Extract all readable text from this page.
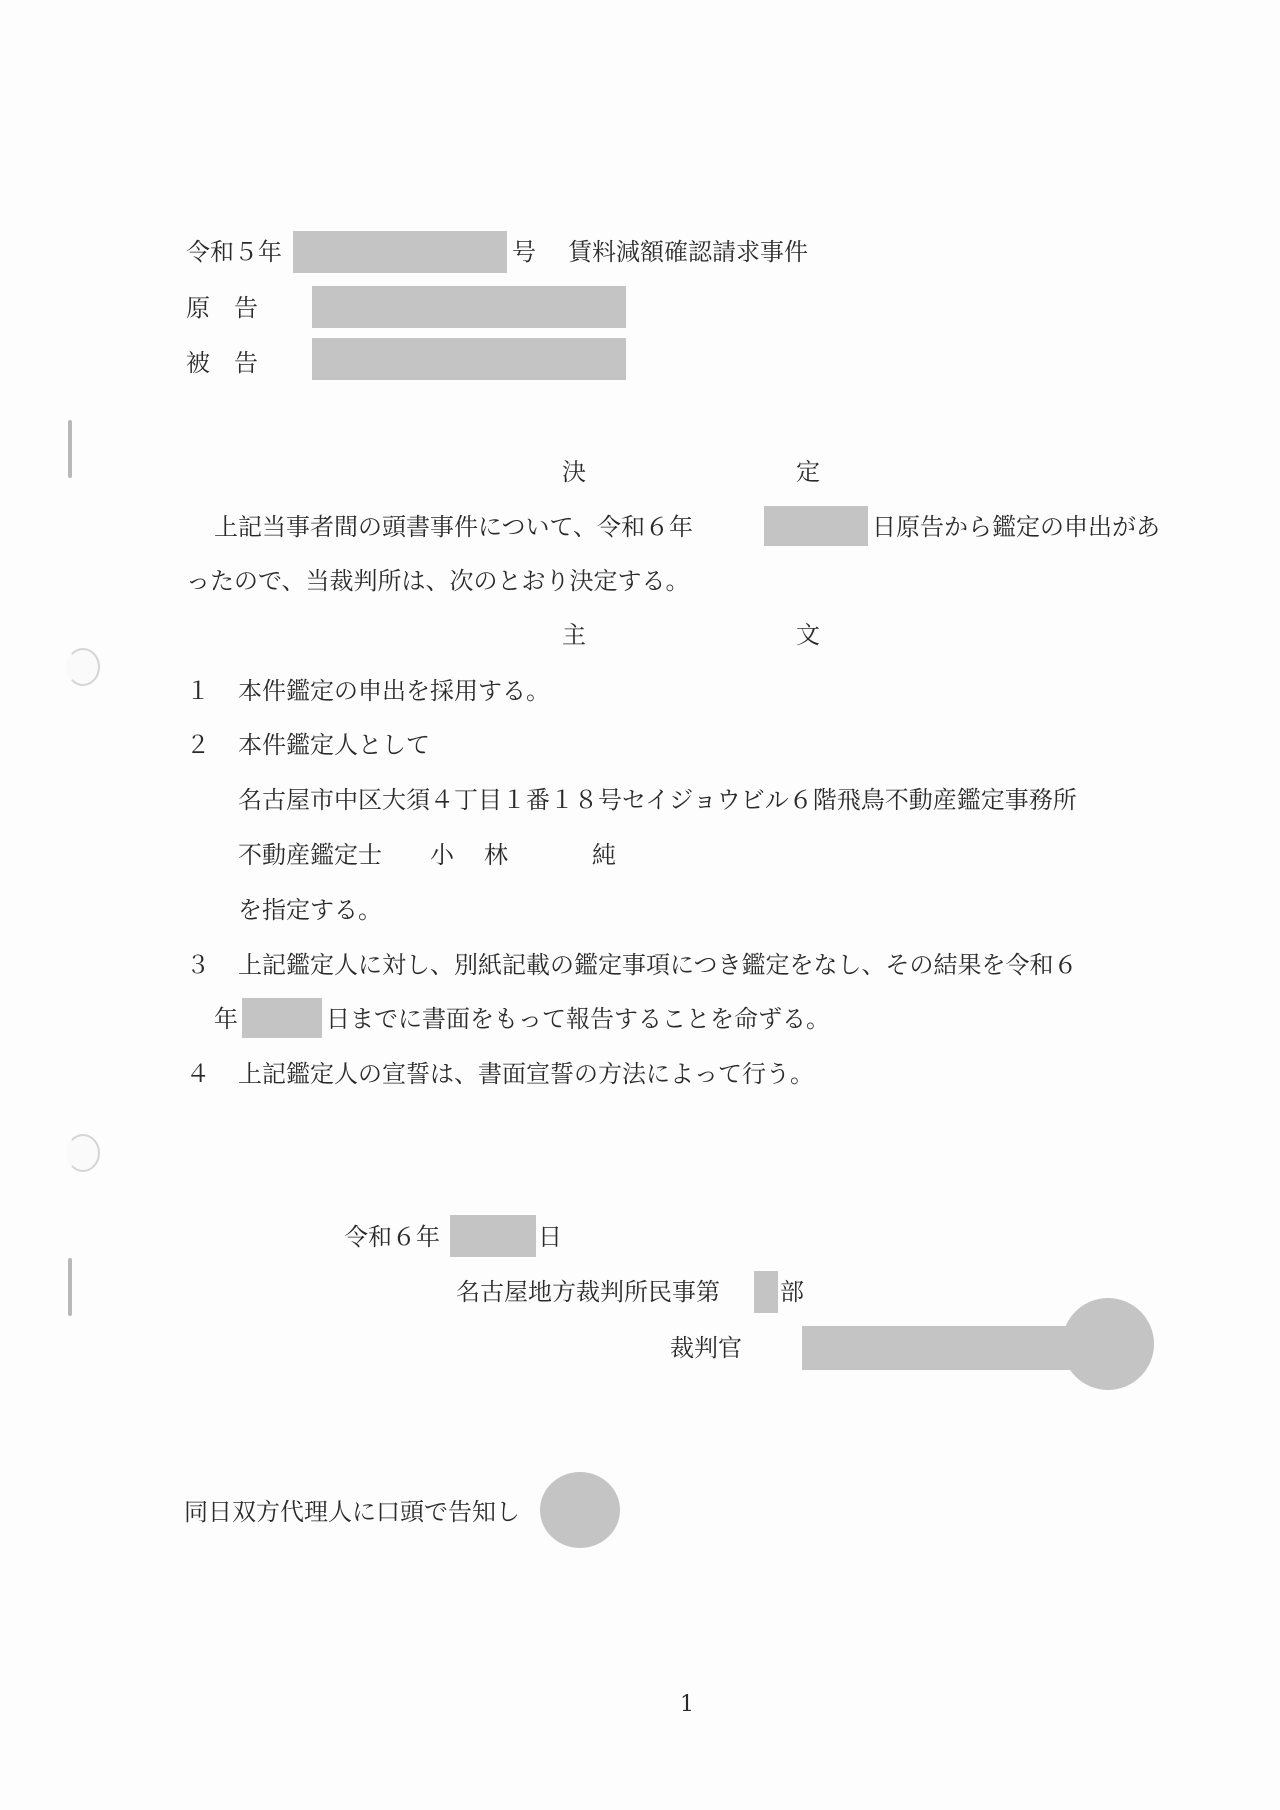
令和５年	号 賃料減額確認請求事件
原　告
被　告
決	定
上記当事者間の頭書事件について、令和６年	日原告から鑑定の申出があ
ったので、当裁判所は、次のとおり決定する。
主	文
１ 本件鑑定の申出を採用する。
２ 本件鑑定人として
名古屋市中区大須４丁目１番１８号セイジョウビル６階飛鳥不動産鑑定事務所
不動産鑑定士 小 林	純
を指定する。
３ 上記鑑定人に対し、別紙記載の鑑定事項につき鑑定をなし、その結果を令和６
年	日までに書面をもって報告することを命ずる。
４ 上記鑑定人の宣誓は、書面宣誓の方法によって行う。
令和６年	日
名古屋地方裁判所民事第	部
裁判官
同日双方代理人に口頭で告知し
1
